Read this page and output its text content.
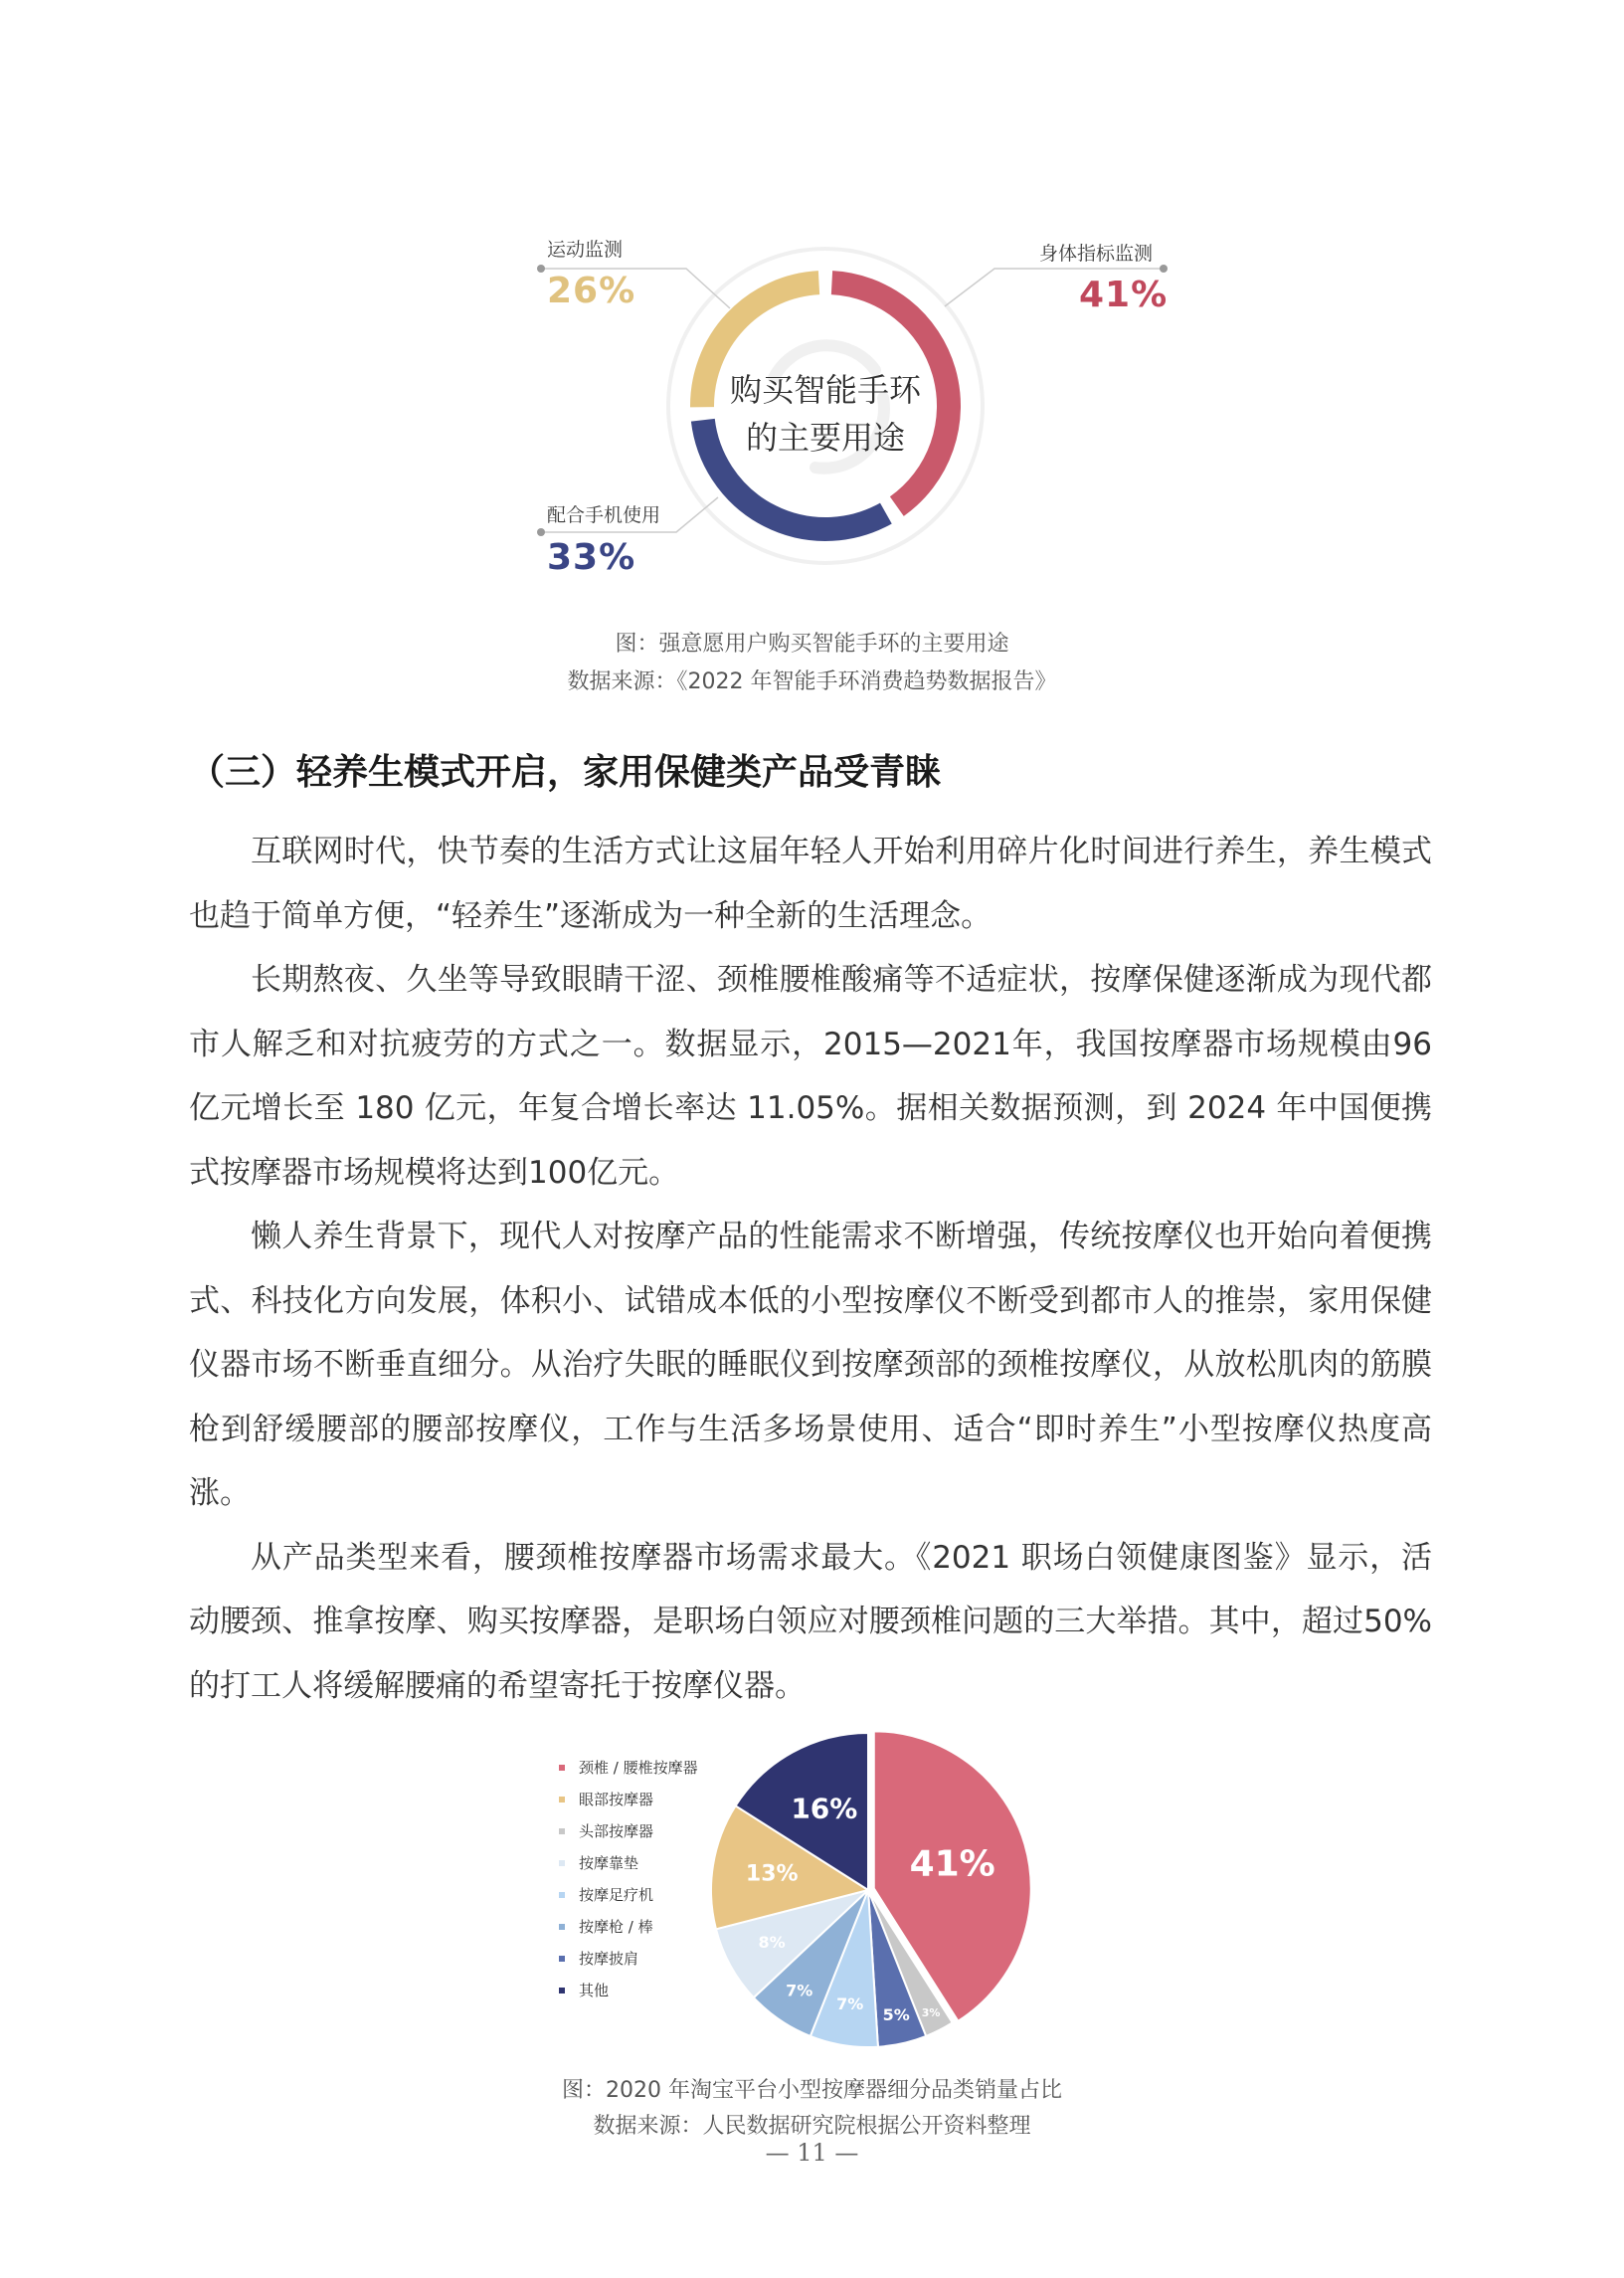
购买智能手环
的主要用途
运动监测
26%
身体指标监测
41%
配合手机使用
33%
图：强意愿用户购买智能手环的主要用途
数据来源：《2022 年智能手环消费趋势数据报告》
（三）轻养生模式开启，家用保健类产品受青睐

互联网时代，快节奏的生活方式让这届年轻人开始利用碎片化时间进行养生，养生模式也趋于简单方便，“轻养生”逐渐成为一种全新的生活理念。

长期熬夜、久坐等导致眼睛干涩、颈椎腰椎酸痛等不适症状，按摩保健逐渐成为现代都市人解乏和对抗疲劳的方式之一。数据显示，2015—2021年，我国按摩器市场规模由96 亿元增长至 180 亿元，年复合增长率达 11.05%。据相关数据预测，到 2024 年中国便携式按摩器市场规模将达到100亿元。

懒人养生背景下，现代人对按摩产品的性能需求不断增强，传统按摩仪也开始向着便携式、科技化方向发展，体积小、试错成本低的小型按摩仪不断受到都市人的推崇，家用保健仪器市场不断垂直细分。从治疗失眠的睡眠仪到按摩颈部的颈椎按摩仪，从放松肌肉的筋膜枪到舒缓腰部的腰部按摩仪，工作与生活多场景使用、适合“即时养生”小型按摩仪热度高涨。

从产品类型来看，腰颈椎按摩器市场需求最大。《2021 职场白领健康图鉴》显示，活动腰颈、推拿按摩、购买按摩器，是职场白领应对腰颈椎问题的三大举措。其中，超过50%的打工人将缓解腰痛的希望寄托于按摩仪器。

41%
3%
5%
7%
7%
8%
13%
16%
颈椎 / 腰椎按摩器
眼部按摩器
头部按摩器
按摩靠垫
按摩足疗机
按摩枪 / 棒
按摩披肩
其他
图：2020 年淘宝平台小型按摩器细分品类销量占比
数据来源：人民数据研究院根据公开资料整理
— 11 —
